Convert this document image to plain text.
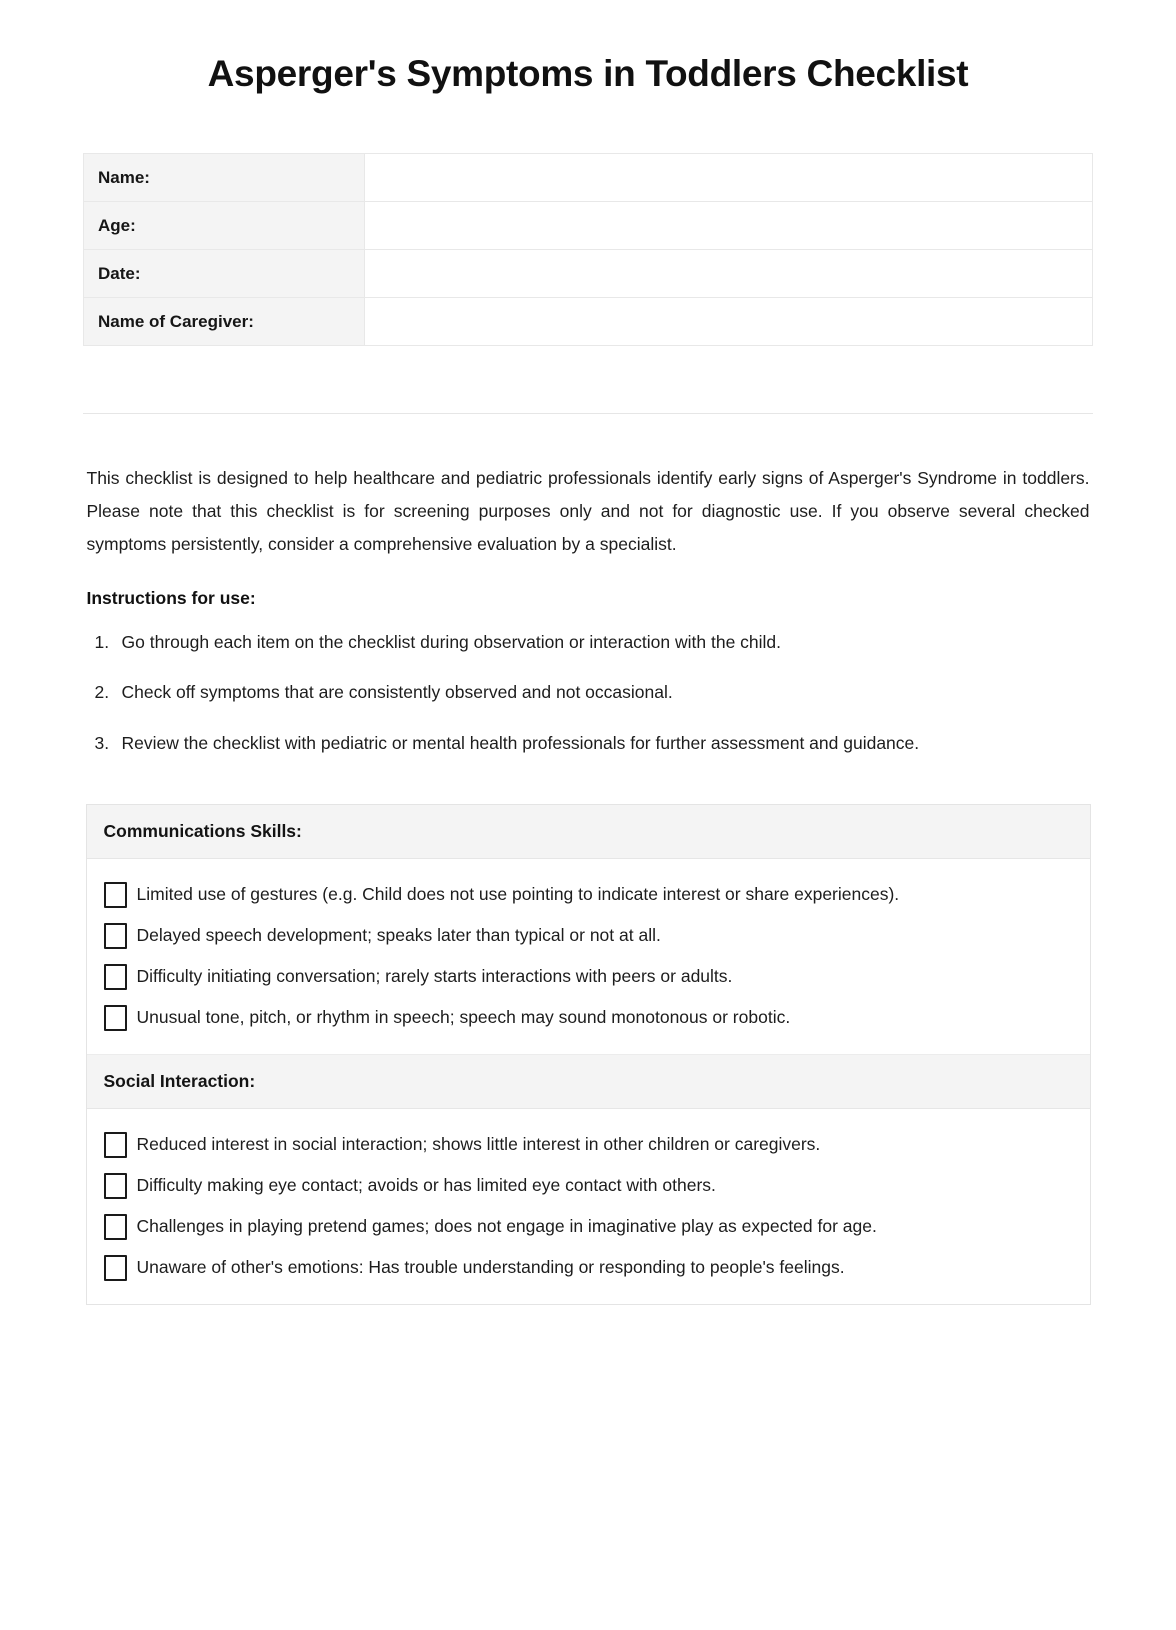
Asperger's Symptoms in Toddlers Checklist
Name:	
Age:	
Date:	
Name of Caregiver:	

This checklist is designed to help healthcare and pediatric professionals identify early signs of Asperger's Syndrome in toddlers. Please note that this checklist is for screening purposes only and not for diagnostic use. If you observe several checked symptoms persistently, consider a comprehensive evaluation by a specialist.

Instructions for use:
Go through each item on the checklist during observation or interaction with the child.
Check off symptoms that are consistently observed and not occasional.
Review the checklist with pediatric or mental health professionals for further assessment and guidance.
Communications Skills:
Limited use of gestures (e.g. Child does not use pointing to indicate interest or share experiences).
Delayed speech development; speaks later than typical or not at all.
Difficulty initiating conversation; rarely starts interactions with peers or adults.
Unusual tone, pitch, or rhythm in speech; speech may sound monotonous or robotic.
Social Interaction:
Reduced interest in social interaction; shows little interest in other children or caregivers.
Difficulty making eye contact; avoids or has limited eye contact with others.
Challenges in playing pretend games; does not engage in imaginative play as expected for age.
Unaware of other's emotions: Has trouble understanding or responding to people's feelings.
